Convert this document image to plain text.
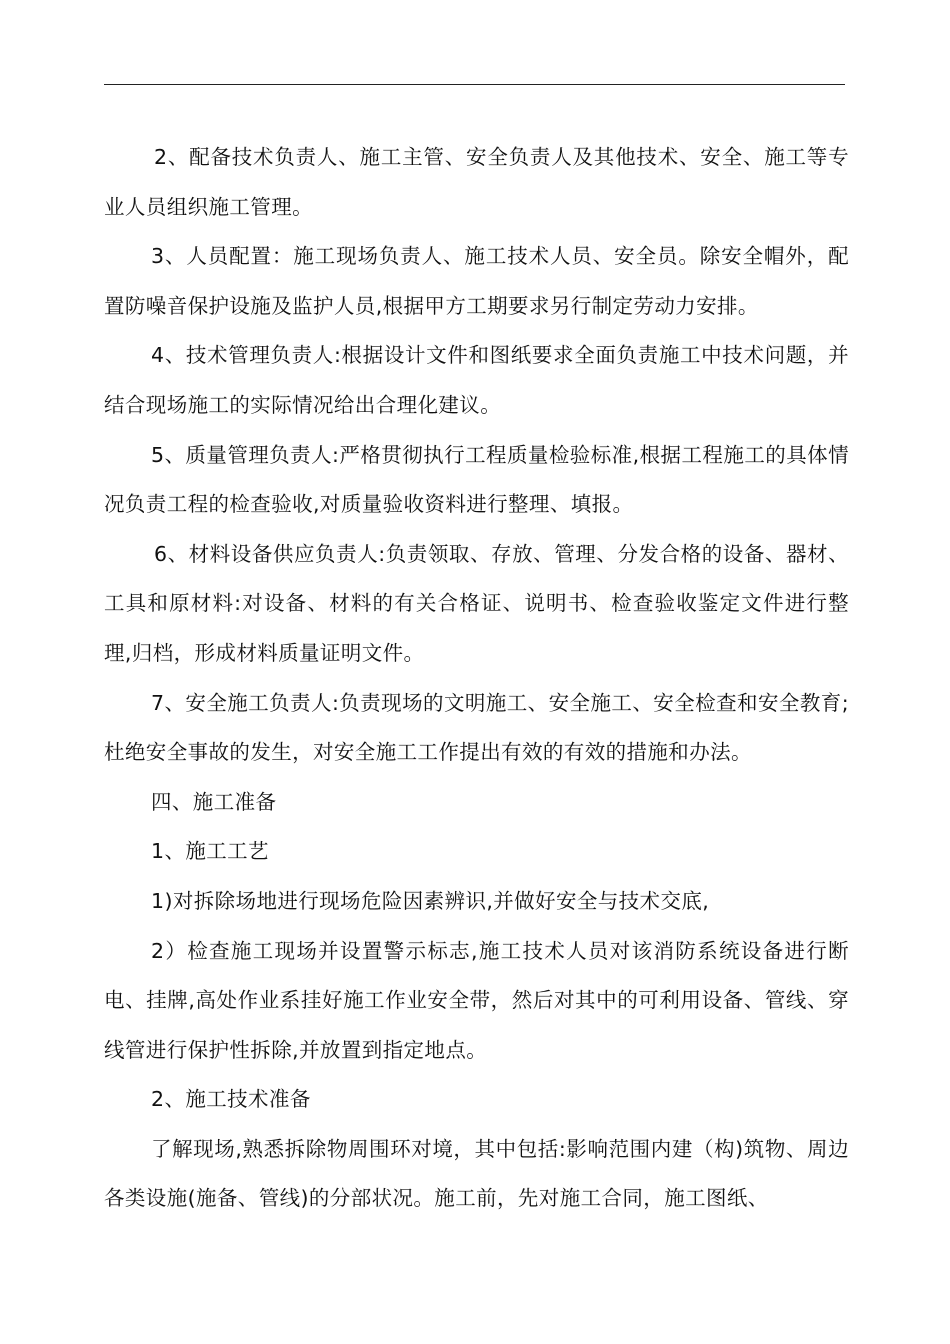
2、配备技术负责人、施工主管、安全负责人及其他技术、安全、施工等专业人员组织施工管理。

3、人员配置：施工现场负责人、施工技术人员、安全员。除安全帽外，配置防噪音保护设施及监护人员,根据甲方工期要求另行制定劳动力安排。

4、技术管理负责人:根据设计文件和图纸要求全面负责施工中技术问题，并结合现场施工的实际情况给出合理化建议。

5、质量管理负责人:严格贯彻执行工程质量检验标准,根据工程施工的具体情况负责工程的检查验收,对质量验收资料进行整理、填报。

6、材料设备供应负责人:负责领取、存放、管理、分发合格的设备、器材、工具和原材料:对设备、材料的有关合格证、说明书、检查验收鉴定文件进行整理,归档，形成材料质量证明文件。

7、安全施工负责人:负责现场的文明施工、安全施工、安全检查和安全教育;杜绝安全事故的发生，对安全施工工作提出有效的有效的措施和办法。

四、施工准备

1、施工工艺

1)对拆除场地进行现场危险因素辨识,并做好安全与技术交底,

2）检查施工现场并设置警示标志,施工技术人员对该消防系统设备进行断电、挂牌,高处作业系挂好施工作业安全带，然后对其中的可利用设备、管线、穿线管进行保护性拆除,并放置到指定地点。

2、施工技术准备

了解现场,熟悉拆除物周围环对境，其中包括:影响范围内建（构)筑物、周边各类设施(施备、管线)的分部状况。施工前，先对施工合同，施工图纸、
